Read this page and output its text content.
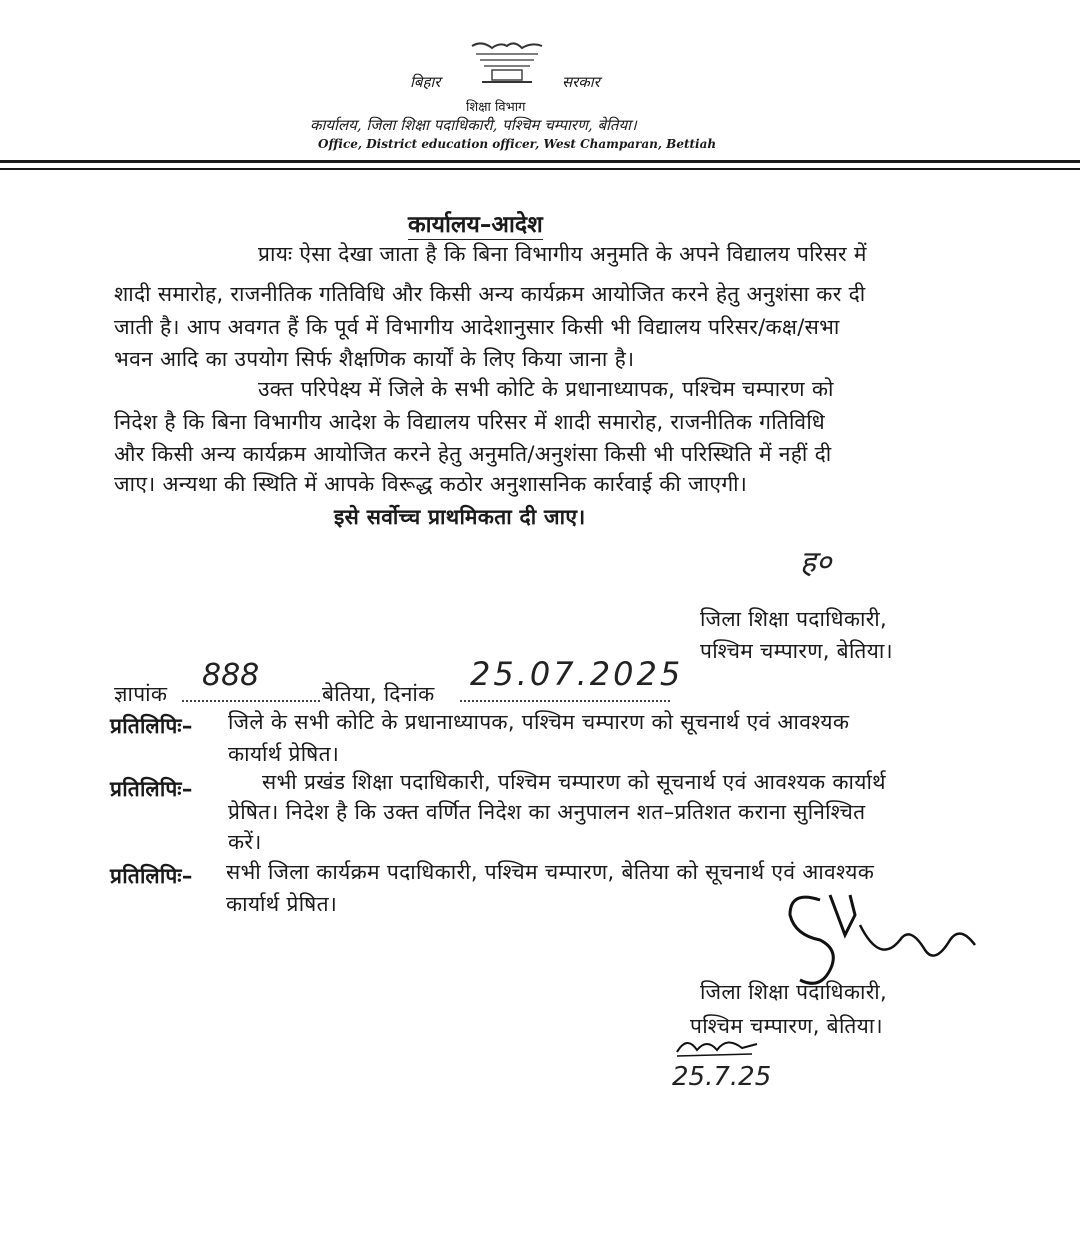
बिहार	सरकार
शिक्षा विभाग
कार्यालय, जिला शिक्षा पदाधिकारी, पश्चिम चम्पारण, बेतिया।
Office, District education officer, West Champaran, Bettiah
कार्यालय–आदेश
प्रायः ऐसा देखा जाता है कि बिना विभागीय अनुमति के अपने विद्यालय परिसर में
शादी समारोह, राजनीतिक गतिविधि और किसी अन्य कार्यक्रम आयोजित करने हेतु अनुशंसा कर दी
जाती है। आप अवगत हैं कि पूर्व में विभागीय आदेशानुसार किसी भी विद्यालय परिसर/कक्ष/सभा
भवन आदि का उपयोग सिर्फ शैक्षणिक कार्यों के लिए किया जाना है।
उक्त परिपेक्ष्य में जिले के सभी कोटि के प्रधानाध्यापक, पश्चिम चम्पारण को
निदेश है कि बिना विभागीय आदेश के विद्यालय परिसर में शादी समारोह, राजनीतिक गतिविधि
और किसी अन्य कार्यक्रम आयोजित करने हेतु अनुमति/अनुशंसा किसी भी परिस्थिति में नहीं दी
जाए। अन्यथा की स्थिति में आपके विरूद्ध कठोर अनुशासनिक कार्रवाई की जाएगी।
इसे सर्वोच्च प्राथमिकता दी जाए।
ह०
जिला शिक्षा पदाधिकारी,
पश्चिम चम्पारण, बेतिया।
ज्ञापांक
888
बेतिया, दिनांक
25.07.2025
प्रतिलिपिः– जिले के सभी कोटि के प्रधानाध्यापक, पश्चिम चम्पारण को सूचनार्थ एवं आवश्यक
कार्यार्थ प्रेषित।
प्रतिलिपिः–	सभी प्रखंड शिक्षा पदाधिकारी, पश्चिम चम्पारण को सूचनार्थ एवं आवश्यक कार्यार्थ
प्रेषित। निदेश है कि उक्त वर्णित निदेश का अनुपालन शत–प्रतिशत कराना सुनिश्चित
करें।
प्रतिलिपिः– सभी जिला कार्यक्रम पदाधिकारी, पश्चिम चम्पारण, बेतिया को सूचनार्थ एवं आवश्यक
कार्यार्थ प्रेषित।
जिला शिक्षा पदाधिकारी,
पश्चिम चम्पारण, बेतिया।
25.7.25
